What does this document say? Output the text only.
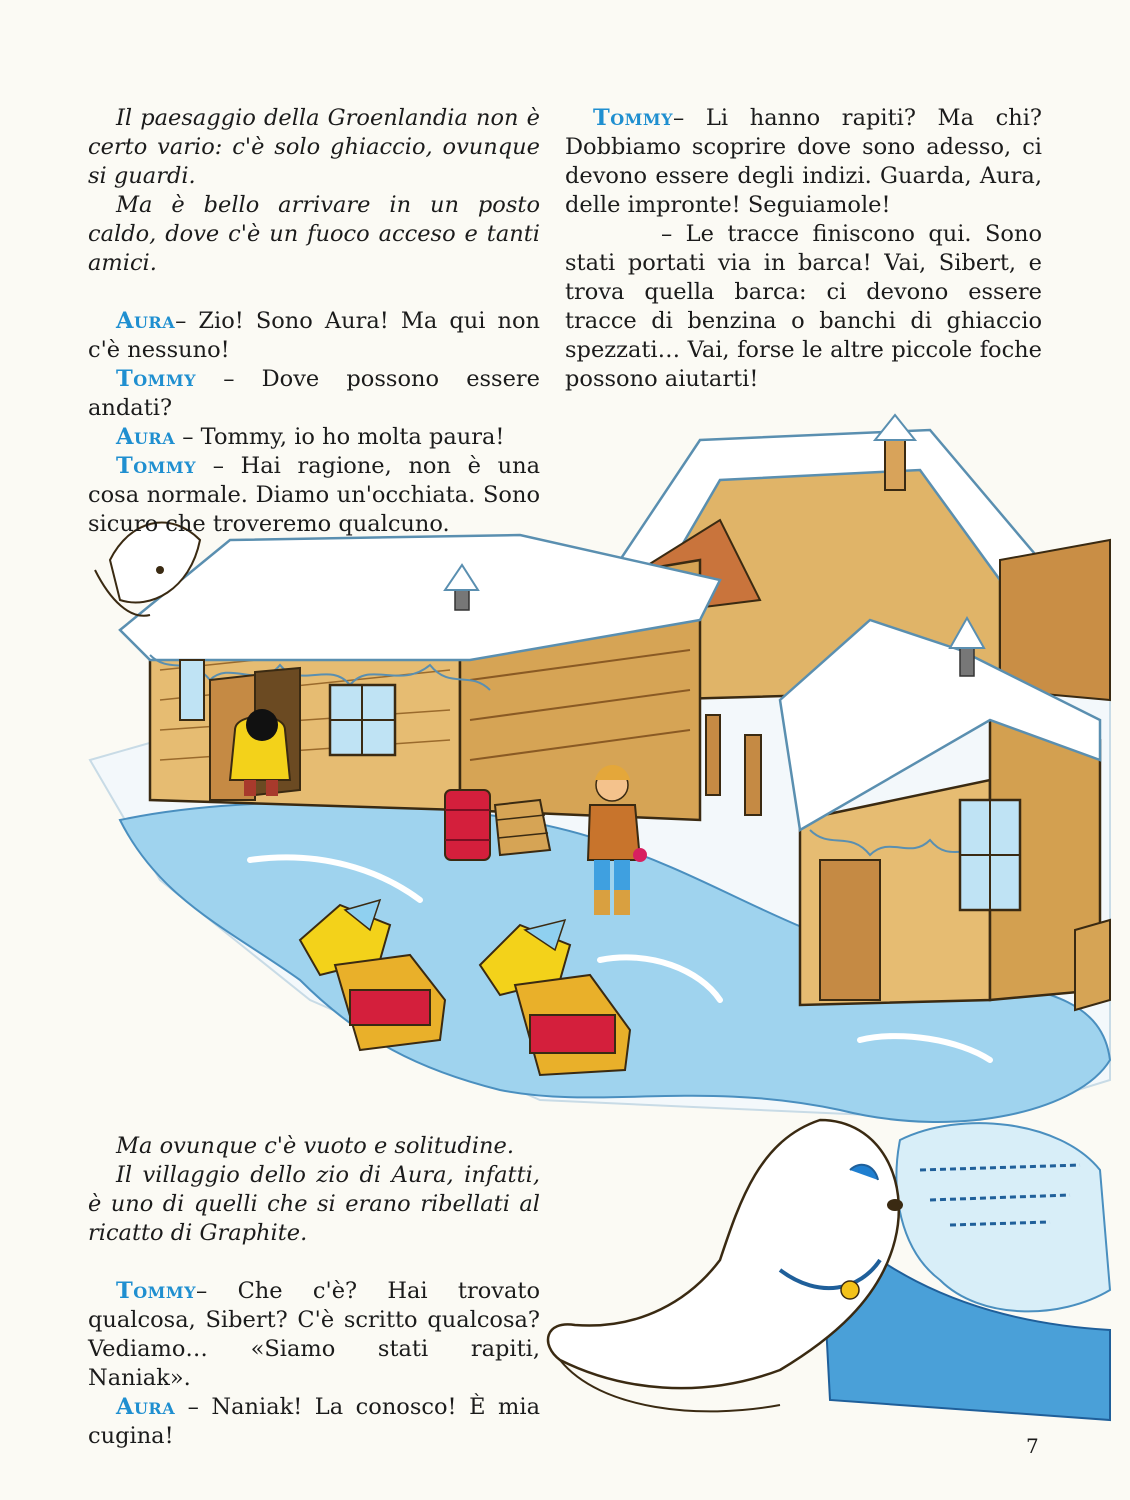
Il paesaggio della Groenlandia non è certo vario: c'è solo ghiaccio, ovunque si guardi.

Ma è bello arrivare in un posto caldo, dove c'è un fuoco acceso e tanti amici.

Aura– Zio! Sono Aura! Ma qui non c'è nessuno!

Tommy – Dove possono essere andati?

Aura – Tommy, io ho molta paura!

Tommy – Hai ragione, non è una cosa normale. Diamo un'occhiata. Sono sicuro che troveremo qualcuno.

Tommy– Li hanno rapiti? Ma chi? Dobbiamo scoprire dove sono adesso, ci devono essere degli indizi. Guarda, Aura, delle impronte! Seguiamole!

– Le tracce finiscono qui. Sono stati portati via in barca! Vai, Sibert, e trova quella barca: ci devono essere tracce di benzina o banchi di ghiaccio spezzati… Vai, forse le altre piccole foche possono aiutarti!

Ma ovunque c'è vuoto e solitudine.

Il villaggio dello zio di Aura, infatti, è uno di quelli che si erano ribellati al ricatto di Graphite.

Tommy– Che c'è? Hai trovato qualcosa, Sibert? C'è scritto qualcosa? Vediamo… «Siamo stati rapiti, Naniak».

Aura – Naniak! La conosco! È mia cugina!	7
